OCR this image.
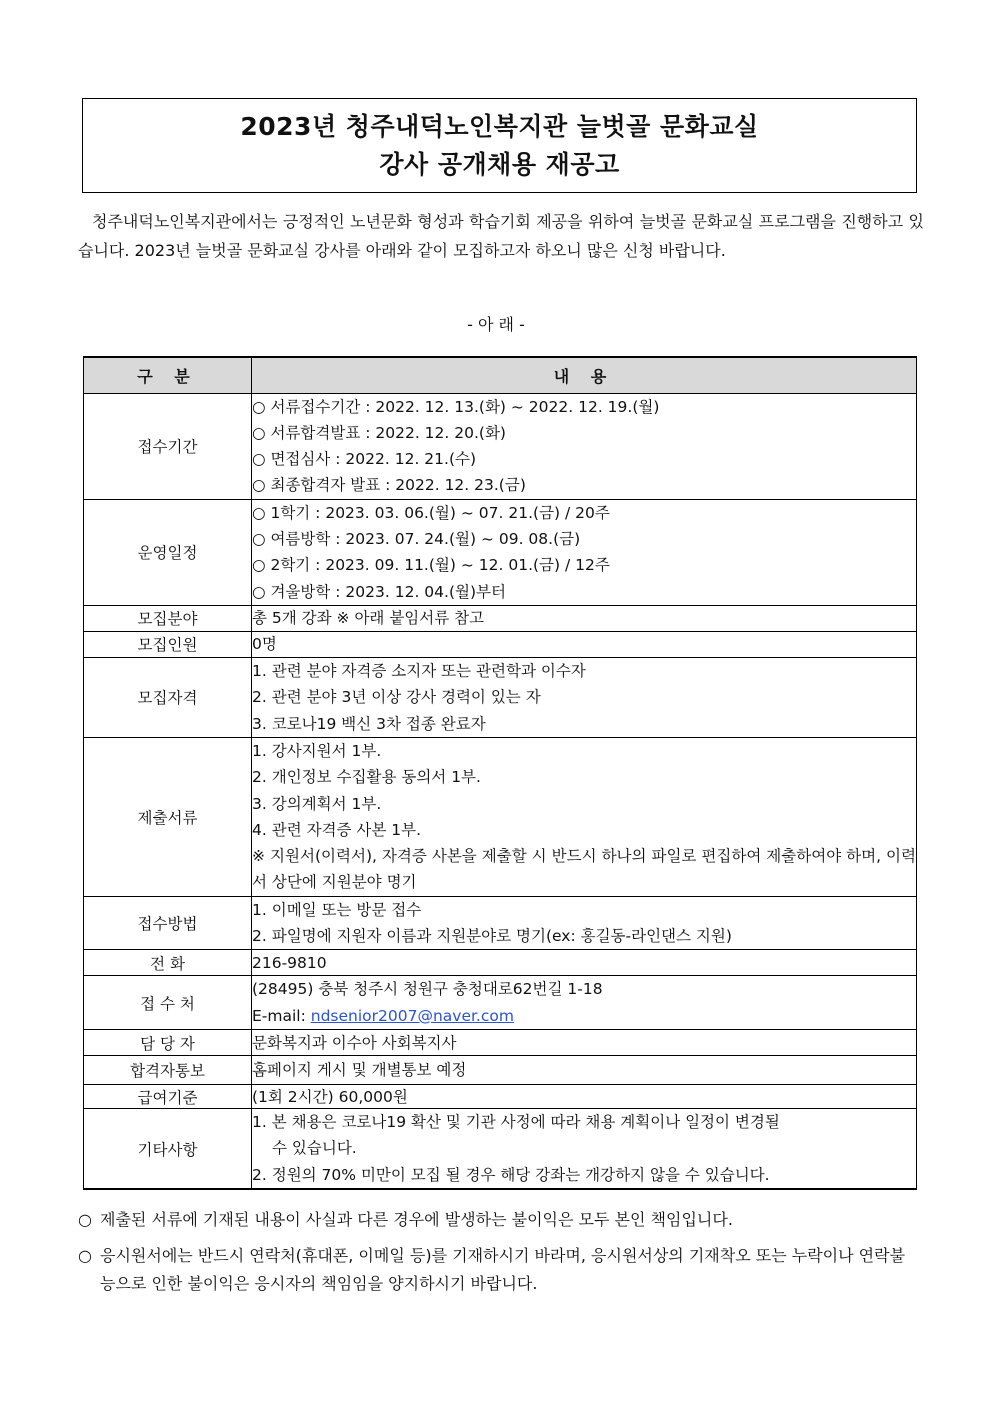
2023년 청주내덕노인복지관 늘벗골 문화교실
강사 공개채용 재공고
청주내덕노인복지관에서는 긍정적인 노년문화 형성과 학습기회 제공을 위하여 늘벗골 문화교실 프로그램을 진행하고 있습니다. 2023년 늘벗골 문화교실 강사를 아래와 같이 모집하고자 하오니 많은 신청 바랍니다.
- 아 래 -
구 분	내 용
접수기간	○ 서류접수기간 : 2022. 12. 13.(화) ~ 2022. 12. 19.(월)
○ 서류합격발표 : 2022. 12. 20.(화)
○ 면접심사 : 2022. 12. 21.(수)
○ 최종합격자 발표 : 2022. 12. 23.(금)

운영일정	○ 1학기 : 2023. 03. 06.(월) ~ 07. 21.(금) / 20주
○ 여름방학 : 2023. 07. 24.(월) ~ 09. 08.(금)
○ 2학기 : 2023. 09. 11.(월) ~ 12. 01.(금) / 12주
○ 겨울방학 : 2023. 12. 04.(월)부터

모집분야	총 5개 강좌 ※ 아래 붙임서류 참고

모집인원	0명

모집자격	1. 관련 분야 자격증 소지자 또는 관련학과 이수자
2. 관련 분야 3년 이상 강사 경력이 있는 자
3. 코로나19 백신 3차 접종 완료자

제출서류	1. 강사지원서 1부.
2. 개인정보 수집활용 동의서 1부.
3. 강의계획서 1부.
4. 관련 자격증 사본 1부.
※ 지원서(이력서), 자격증 사본을 제출할 시 반드시 하나의 파일로 편집하여 제출하여야 하며, 이력서 상단에 지원분야 명기

접수방법	1. 이메일 또는 방문 접수
2. 파일명에 지원자 이름과 지원분야로 명기(ex: 홍길동-라인댄스 지원)

전 화	216-9810

접 수 처	(28495) 충북 청주시 청원구 충청대로62번길 1-18
E-mail: ndsenior2007@naver.com

담 당 자	문화복지과 이수아 사회복지사

합격자통보	홈페이지 게시 및 개별통보 예정

급여기준	(1회 2시간) 60,000원

기타사항	1. 본 채용은 코로나19 확산 및 기관 사정에 따라 채용 계획이나 일정이 변경될
수 있습니다.
2. 정원의 70% 미만이 모집 될 경우 해당 강좌는 개강하지 않을 수 있습니다.
○ 제출된 서류에 기재된 내용이 사실과 다른 경우에 발생하는 불이익은 모두 본인 책임입니다.
○ 응시원서에는 반드시 연락처(휴대폰, 이메일 등)를 기재하시기 바라며, 응시원서상의 기재착오 또는 누락이나 연락불능으로 인한 불이익은 응시자의 책임임을 양지하시기 바랍니다.
